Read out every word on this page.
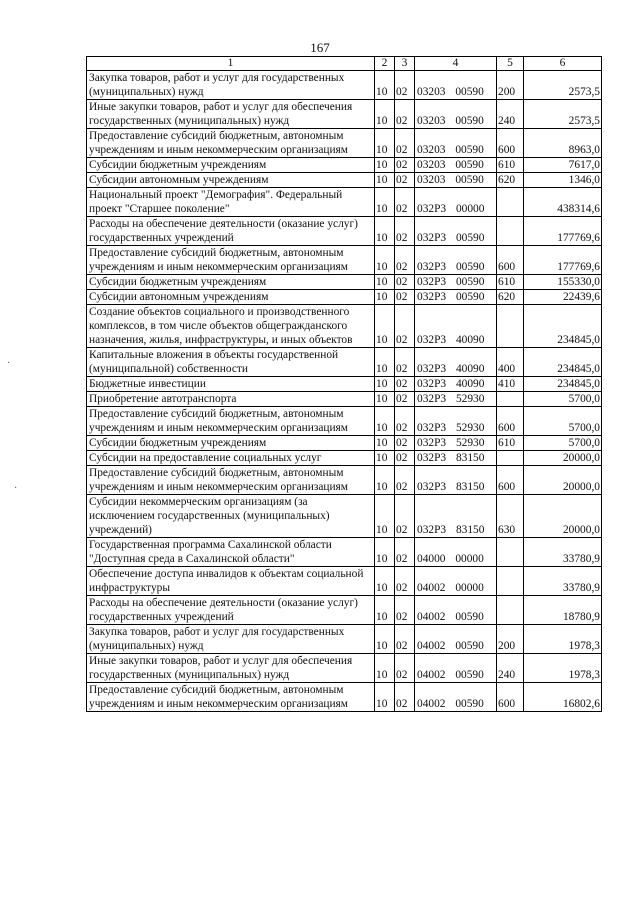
167
·
·
1	2	3	4	5	6
Закупка товаров, работ и услуг для государственных (муниципальных) нужд	10	02	03203 00590	200	2573,5
Иные закупки товаров, работ и услуг для обеспечения государственных (муниципальных) нужд	10	02	03203 00590	240	2573,5
Предоставление субсидий бюджетным, автономным учреждениям и иным некоммерческим организациям	10	02	03203 00590	600	8963,0
Субсидии бюджетным учреждениям	10	02	03203 00590	610	7617,0
Субсидии автономным учреждениям	10	02	03203 00590	620	1346,0
Национальный проект "Демография". Федеральный проект "Старшее поколение"	10	02	032Р3 00000		438314,6
Расходы на обеспечение деятельности (оказание услуг) государственных учреждений	10	02	032Р3 00590		177769,6
Предоставление субсидий бюджетным, автономным учреждениям и иным некоммерческим организациям	10	02	032Р3 00590	600	177769,6
Субсидии бюджетным учреждениям	10	02	032Р3 00590	610	155330,0
Субсидии автономным учреждениям	10	02	032Р3 00590	620	22439,6
Создание объектов социального и производственного комплексов, в том числе объектов общегражданского назначения, жилья, инфраструктуры, и иных объектов	10	02	032Р3 40090		234845,0
Капитальные вложения в объекты государственной (муниципальной) собственности	10	02	032Р3 40090	400	234845,0
Бюджетные инвестиции	10	02	032Р3 40090	410	234845,0
Приобретение автотранспорта	10	02	032Р3 52930		5700,0
Предоставление субсидий бюджетным, автономным учреждениям и иным некоммерческим организациям	10	02	032Р3 52930	600	5700,0
Субсидии бюджетным учреждениям	10	02	032Р3 52930	610	5700,0
Субсидии на предоставление социальных услуг	10	02	032Р3 83150		20000,0
Предоставление субсидий бюджетным, автономным учреждениям и иным некоммерческим организациям	10	02	032Р3 83150	600	20000,0
Субсидии некоммерческим организациям (за исключением государственных (муниципальных) учреждений)	10	02	032Р3 83150	630	20000,0
Государственная программа Сахалинской области "Доступная среда в Сахалинской области"	10	02	04000 00000		33780,9
Обеспечение доступа инвалидов к объектам социальной инфраструктуры	10	02	04002 00000		33780,9
Расходы на обеспечение деятельности (оказание услуг) государственных учреждений	10	02	04002 00590		18780,9
Закупка товаров, работ и услуг для государственных (муниципальных) нужд	10	02	04002 00590	200	1978,3
Иные закупки товаров, работ и услуг для обеспечения государственных (муниципальных) нужд	10	02	04002 00590	240	1978,3
Предоставление субсидий бюджетным, автономным учреждениям и иным некоммерческим организациям	10	02	04002 00590	600	16802,6
